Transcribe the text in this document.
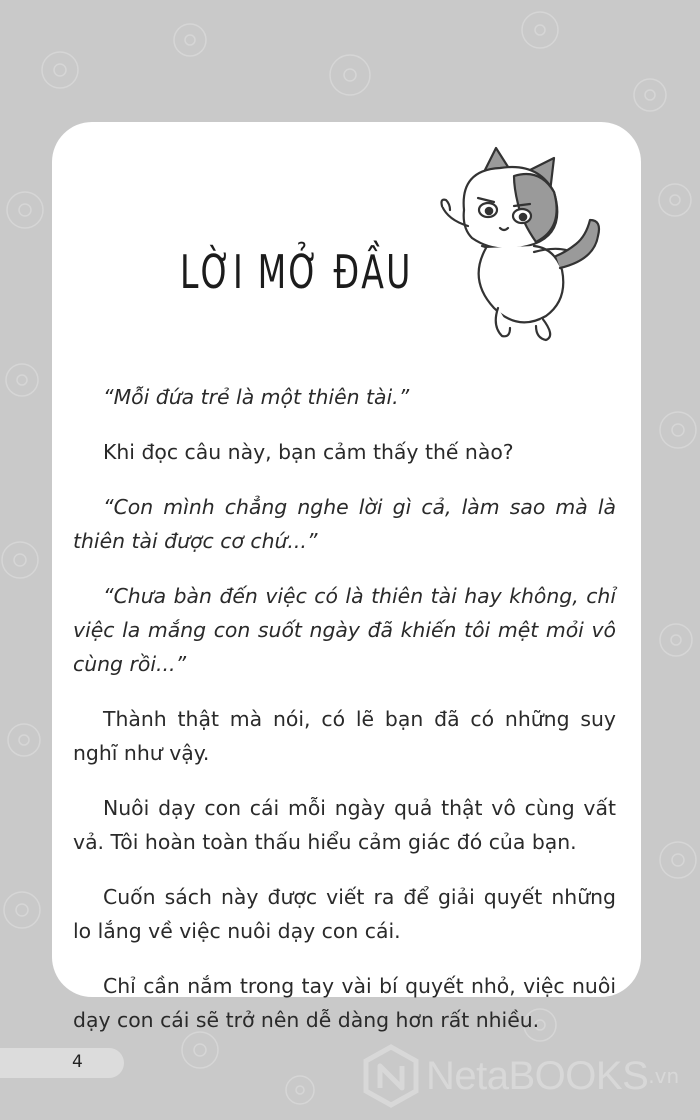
LỜI MỞ ĐẦU

“Mỗi đứa trẻ là một thiên tài.”

Khi đọc câu này, bạn cảm thấy thế nào?

“Con mình chẳng nghe lời gì cả, làm sao mà là thiên tài được cơ chứ...”

“Chưa bàn đến việc có là thiên tài hay không, chỉ việc la mắng con suốt ngày đã khiến tôi mệt mỏi vô cùng rồi...”

Thành thật mà nói, có lẽ bạn đã có những suy nghĩ như vậy.

Nuôi dạy con cái mỗi ngày quả thật vô cùng vất vả. Tôi hoàn toàn thấu hiểu cảm giác đó của bạn.

Cuốn sách này được viết ra để giải quyết những lo lắng về việc nuôi dạy con cái.

Chỉ cần nắm trong tay vài bí quyết nhỏ, việc nuôi dạy con cái sẽ trở nên dễ dàng hơn rất nhiều.

4	NetaBOOKS .vn
